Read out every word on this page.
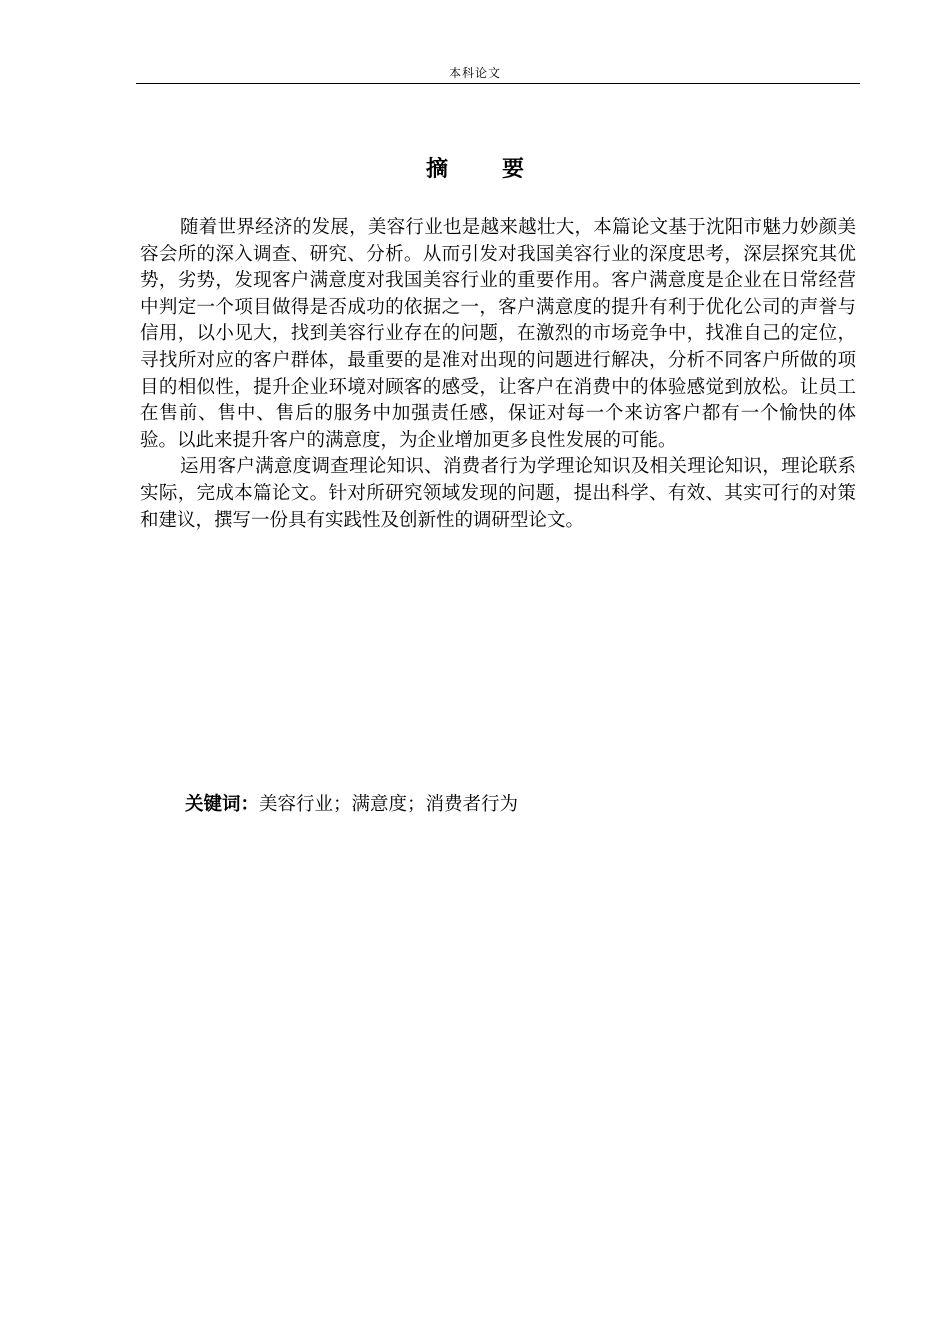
本科论文
摘要

随着世界经济的发展，美容行业也是越来越壮大，本篇论文基于沈阳市魅力妙颜美容会所的深入调查、研究、分析。从而引发对我国美容行业的深度思考，深层探究其优势，劣势，发现客户满意度对我国美容行业的重要作用。客户满意度是企业在日常经营中判定一个项目做得是否成功的依据之一，客户满意度的提升有利于优化公司的声誉与信用，以小见大，找到美容行业存在的问题，在激烈的市场竞争中，找准自己的定位，寻找所对应的客户群体，最重要的是准对出现的问题进行解决，分析不同客户所做的项目的相似性，提升企业环境对顾客的感受，让客户在消费中的体验感觉到放松。让员工在售前、售中、售后的服务中加强责任感，保证对每一个来访客户都有一个愉快的体验。以此来提升客户的满意度，为企业增加更多良性发展的可能。

运用客户满意度调查理论知识、消费者行为学理论知识及相关理论知识，理论联系实际，完成本篇论文。针对所研究领域发现的问题，提出科学、有效、其实可行的对策和建议，撰写一份具有实践性及创新性的调研型论文。

关键词：美容行业；满意度；消费者行为
